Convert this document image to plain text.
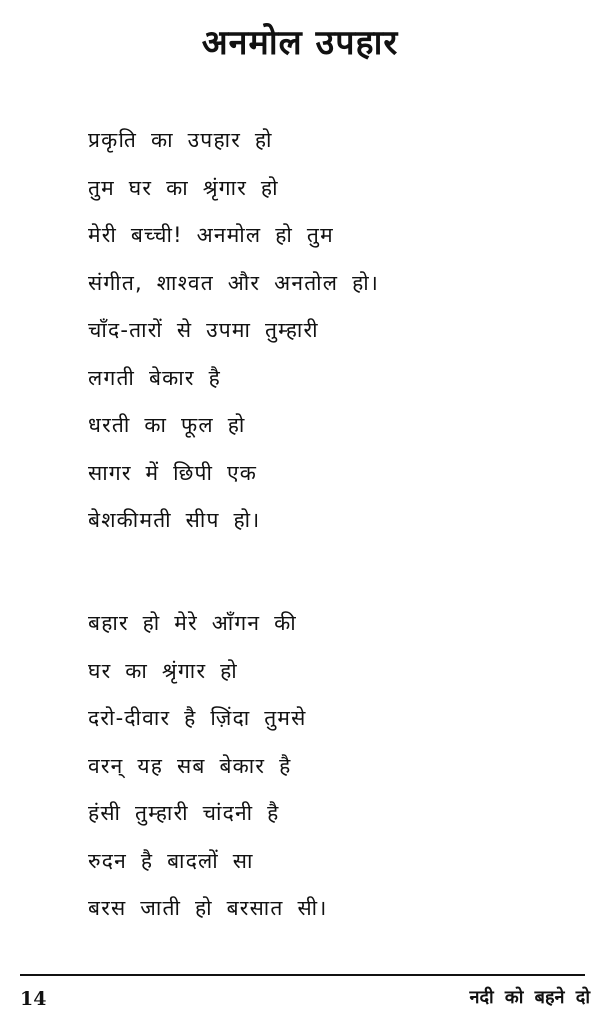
अनमोल उपहार
प्रकृति का उपहार हो
तुम घर का श्रृंगार हो
मेरी बच्ची! अनमोल हो तुम
संगीत, शाश्वत और अनतोल हो।
चाँद-तारों से उपमा तुम्हारी
लगती बेकार है
धरती का फूल हो
सागर में छिपी एक
बेशकीमती सीप हो।
बहार हो मेरे आँगन की
घर का श्रृंगार हो
दरो-दीवार है ज़िंदा तुमसे
वरन् यह सब बेकार है
हंसी तुम्हारी चांदनी है
रुदन है बादलों सा
बरस जाती हो बरसात सी।
14	नदी को बहने दो
